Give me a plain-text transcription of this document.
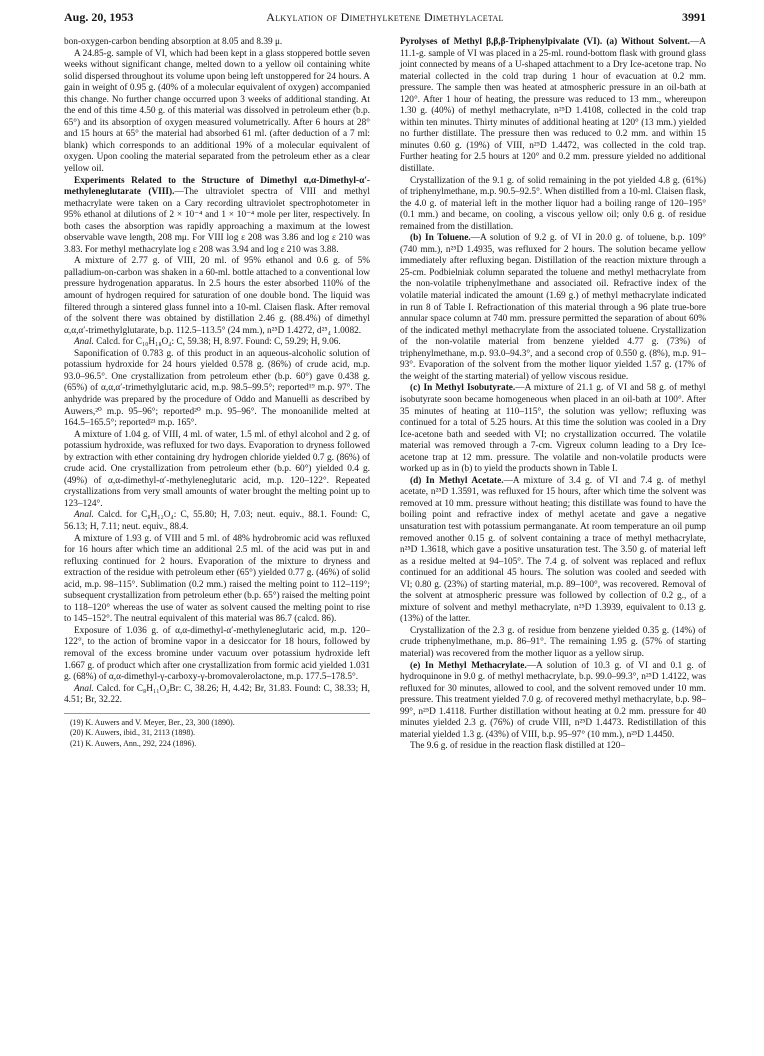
Aug. 20, 1953	Alkylation of Dimethylketene Dimethylacetal	3991

bon-oxygen-carbon bending absorption at 8.05 and 8.39 μ.

A 24.85-g. sample of VI, which had been kept in a glass stoppered bottle seven weeks without significant change, melted down to a yellow oil containing white solid dispersed throughout its volume upon being left unstoppered for 24 hours. A gain in weight of 0.95 g. (40% of a molecular equivalent of oxygen) accompanied this change. No further change occurred upon 3 weeks of additional standing. At the end of this time 4.50 g. of this material was dissolved in petroleum ether (b.p. 65°) and its absorption of oxygen measured volumetrically. After 6 hours at 28° and 15 hours at 65° the material had absorbed 61 ml. (after deduction of a 7 ml: blank) which corresponds to an additional 19% of a molecular equivalent of oxygen. Upon cooling the material separated from the petroleum ether as a clear yellow oil.

Experiments Related to the Structure of Dimethyl α,α-Dimethyl-α′-methyleneglutarate (VIII).—The ultraviolet spectra of VIII and methyl methacrylate were taken on a Cary recording ultraviolet spectrophotometer in 95% ethanol at dilutions of 2 × 10⁻⁴ and 1 × 10⁻⁴ mole per liter, respectively. In both cases the absorption was rapidly approaching a maximum at the lowest observable wave length, 208 mμ. For VIII log ε 208 was 3.86 and log ε 210 was 3.83. For methyl methacrylate log ε 208 was 3.94 and log ε 210 was 3.88.

A mixture of 2.77 g. of VIII, 20 ml. of 95% ethanol and 0.6 g. of 5% palladium-on-carbon was shaken in a 60-ml. bottle attached to a conventional low pressure hydrogenation apparatus. In 2.5 hours the ester absorbed 110% of the amount of hydrogen required for saturation of one double bond. The liquid was filtered through a sintered glass funnel into a 10-ml. Claisen flask. After removal of the solvent there was obtained by distillation 2.46 g. (88.4%) of dimethyl α,α,α′-trimethylglutarate, b.p. 112.5–113.5° (24 mm.), n²⁵D 1.4272, d²⁵₄ 1.0082.

Anal. Calcd. for C₁₀H₁₈O₄: C, 59.38; H, 8.97. Found: C, 59.29; H, 9.06.

Saponification of 0.783 g. of this product in an aqueous-alcoholic solution of potassium hydroxide for 24 hours yielded 0.578 g. (86%) of crude acid, m.p. 93.0–96.5°. One crystallization from petroleum ether (b.p. 60°) gave 0.438 g. (65%) of α,α,α′-trimethylglutaric acid, m.p. 98.5–99.5°; reported¹⁹ m.p. 97°. The anhydride was prepared by the procedure of Oddo and Manuelli as described by Auwers,²⁰ m.p. 95–96°; reported²⁰ m.p. 95–96°. The monoanilide melted at 164.5–165.5°; reported²¹ m.p. 165°.

A mixture of 1.04 g. of VIII, 4 ml. of water, 1.5 ml. of ethyl alcohol and 2 g. of potassium hydroxide, was refluxed for two days. Evaporation to dryness followed by extraction with ether containing dry hydrogen chloride yielded 0.7 g. (86%) of crude acid. One crystallization from petroleum ether (b.p. 60°) yielded 0.4 g. (49%) of α,α-dimethyl-α′-methyleneglutaric acid, m.p. 120–122°. Repeated crystallizations from very small amounts of water brought the melting point up to 123–124°.

Anal. Calcd. for C₈H₁₂O₄: C, 55.80; H, 7.03; neut. equiv., 88.1. Found: C, 56.13; H, 7.11; neut. equiv., 88.4.

A mixture of 1.93 g. of VIII and 5 ml. of 48% hydrobromic acid was refluxed for 16 hours after which time an additional 2.5 ml. of the acid was put in and refluxing continued for 2 hours. Evaporation of the mixture to dryness and extraction of the residue with petroleum ether (65°) yielded 0.77 g. (46%) of solid acid, m.p. 98–115°. Sublimation (0.2 mm.) raised the melting point to 112–119°; subsequent crystallization from petroleum ether (b.p. 65°) raised the melting point to 118–120° whereas the use of water as solvent caused the melting point to rise to 145–152°. The neutral equivalent of this material was 86.7 (calcd. 86).

Exposure of 1.036 g. of α,α-dimethyl-α′-methyleneglutaric acid, m.p. 120–122°, to the action of bromine vapor in a desiccator for 18 hours, followed by removal of the excess bromine under vacuum over potassium hydroxide left 1.667 g. of product which after one crystallization from formic acid yielded 1.031 g. (68%) of α,α-dimethyl-γ-carboxy-γ-bromovalerolactone, m.p. 177.5–178.5°.

Anal. Calcd. for C₈H₁₁O₄Br: C, 38.26; H, 4.42; Br, 31.83. Found: C, 38.33; H, 4.51; Br, 32.22.

(19) K. Auwers and V. Meyer, Ber., 23, 300 (1890).

(20) K. Auwers, ibid., 31, 2113 (1898).

(21) K. Auwers, Ann., 292, 224 (1896).

Pyrolyses of Methyl β,β,β-Triphenylpivalate (VI). (a) Without Solvent.—A 11.1-g. sample of VI was placed in a 25-ml. round-bottom flask with ground glass joint connected by means of a U-shaped attachment to a Dry Ice-acetone trap. No material collected in the cold trap during 1 hour of evacuation at 0.2 mm. pressure. The sample then was heated at atmospheric pressure in an oil-bath at 120°. After 1 hour of heating, the pressure was reduced to 13 mm., whereupon 1.30 g. (40%) of methyl methacrylate, n²⁵D 1.4108, collected in the cold trap within ten minutes. Thirty minutes of additional heating at 120° (13 mm.) yielded no further distillate. The pressure then was reduced to 0.2 mm. and within 15 minutes 0.60 g. (19%) of VIII, n²⁵D 1.4472, was collected in the cold trap. Further heating for 2.5 hours at 120° and 0.2 mm. pressure yielded no additional distillate.

Crystallization of the 9.1 g. of solid remaining in the pot yielded 4.8 g. (61%) of triphenylmethane, m.p. 90.5–92.5°. When distilled from a 10-ml. Claisen flask, the 4.0 g. of material left in the mother liquor had a boiling range of 120–195° (0.1 mm.) and became, on cooling, a viscous yellow oil; only 0.6 g. of residue remained from the distillation.

(b) In Toluene.—A solution of 9.2 g. of VI in 20.0 g. of toluene, b.p. 109° (740 mm.), n²⁵D 1.4935, was refluxed for 2 hours. The solution became yellow immediately after refluxing began. Distillation of the reaction mixture through a 25-cm. Podbielniak column separated the toluene and methyl methacrylate from the non-volatile triphenylmethane and associated oil. Refractive index of the volatile material indicated the amount (1.69 g.) of methyl methacrylate indicated in run 8 of Table I. Refractionation of this material through a 96 plate true-bore annular space column at 740 mm. pressure permitted the separation of about 60% of the indicated methyl methacrylate from the associated toluene. Crystallization of the non-volatile material from benzene yielded 4.77 g. (73%) of triphenylmethane, m.p. 93.0–94.3°, and a second crop of 0.550 g. (8%), m.p. 91–93°. Evaporation of the solvent from the mother liquor yielded 1.57 g. (17% of the weight of the starting material) of yellow viscous residue.

(c) In Methyl Isobutyrate.—A mixture of 21.1 g. of VI and 58 g. of methyl isobutyrate soon became homogeneous when placed in an oil-bath at 100°. After 35 minutes of heating at 110–115°, the solution was yellow; refluxing was continued for a total of 5.25 hours. At this time the solution was cooled in a Dry Ice-acetone bath and seeded with VI; no crystallization occurred. The volatile material was removed through a 7-cm. Vigreux column leading to a Dry Ice-acetone trap at 12 mm. pressure. The volatile and non-volatile products were worked up as in (b) to yield the products shown in Table I.

(d) In Methyl Acetate.—A mixture of 3.4 g. of VI and 7.4 g. of methyl acetate, n²⁵D 1.3591, was refluxed for 15 hours, after which time the solvent was removed at 10 mm. pressure without heating; this distillate was found to have the boiling point and refractive index of methyl acetate and gave a negative unsaturation test with potassium permanganate. At room temperature an oil pump removed another 0.15 g. of solvent containing a trace of methyl methacrylate, n²⁵D 1.3618, which gave a positive unsaturation test. The 3.50 g. of material left as a residue melted at 94–105°. The 7.4 g. of solvent was replaced and reflux continued for an additional 45 hours. The solution was cooled and seeded with VI; 0.80 g. (23%) of starting material, m.p. 89–100°, was recovered. Removal of the solvent at atmospheric pressure was followed by collection of 0.2 g., of a mixture of solvent and methyl methacrylate, n²⁵D 1.3939, equivalent to 0.13 g. (13%) of the latter.

Crystallization of the 2.3 g. of residue from benzene yielded 0.35 g. (14%) of crude triphenylmethane, m.p. 86–91°. The remaining 1.95 g. (57% of starting material) was recovered from the mother liquor as a yellow sirup.

(e) In Methyl Methacrylate.—A solution of 10.3 g. of VI and 0.1 g. of hydroquinone in 9.0 g. of methyl methacrylate, b.p. 99.0–99.3°, n²⁵D 1.4122, was refluxed for 30 minutes, allowed to cool, and the solvent removed under 10 mm. pressure. This treatment yielded 7.0 g. of recovered methyl methacrylate, b.p. 98–99°, n²⁵D 1.4118. Further distillation without heating at 0.2 mm. pressure for 40 minutes yielded 2.3 g. (76%) of crude VIII, n²⁵D 1.4473. Redistillation of this material yielded 1.3 g. (43%) of VIII, b.p. 95–97° (10 mm.), n²⁵D 1.4450.

The 9.6 g. of residue in the reaction flask distilled at 120–
